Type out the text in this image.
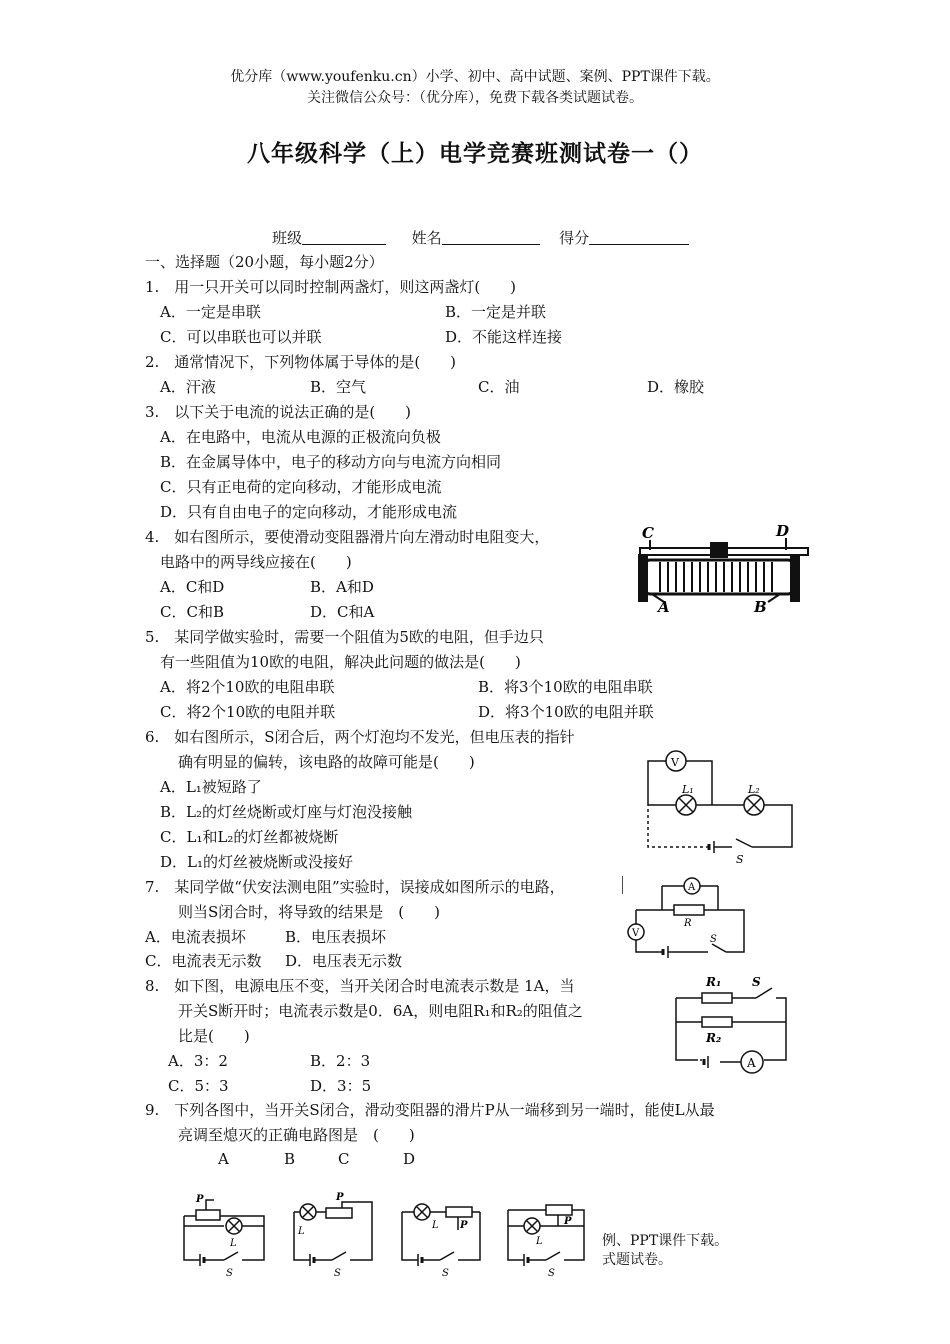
优分库（www.youfenku.cn）小学、初中、高中试题、案例、PPT课件下载。
关注微信公众号：（优分库），免费下载各类试题试卷。
八年级科学（上）电学竞赛班测试卷一（）
班级	姓名	得分
一、选择题（20小题，每小题2分）
1.　用一只开关可以同时控制两盏灯，则这两盏灯(　　)
A．一定是串联	B．一定是并联
C．可以串联也可以并联	D．不能这样连接
2.　通常情况下，下列物体属于导体的是(　　)
A．汗液	B．空气	C．油	D．橡胶
3.　以下关于电流的说法正确的是(　　)
A．在电路中，电流从电源的正极流向负极
B．在金属导体中，电子的移动方向与电流方向相同
C．只有正电荷的定向移动，才能形成电流
D．只有自由电子的定向移动，才能形成电流
4.　如右图所示，要使滑动变阻器滑片向左滑动时电阻变大，
电路中的两导线应接在(　　)
A．C和D	B．A和D
C．C和B	D．C和A
C	D
A	B
5.　某同学做实验时，需要一个阻值为5欧的电阻，但手边只
有一些阻值为10欧的电阻，解决此问题的做法是(　　)
A．将2个10欧的电阻串联	B．将3个10欧的电阻串联
C．将2个10欧的电阻并联	D．将3个10欧的电阻并联
6.　如右图所示，S闭合后，两个灯泡均不发光，但电压表的指针
确有明显的偏转，该电路的故障可能是(　　)
A．L₁被短路了
B．L₂的灯丝烧断或灯座与灯泡没接触
C．L₁和L₂的灯丝都被烧断
D．L₁的灯丝被烧断或没接好
V
L₁	L₂
S
7.　某同学做“伏安法测电阻”实验时，误接成如图所示的电路，
则当S闭合时，将导致的结果是　(　　)
A．电流表损坏	B．电压表损坏
C．电流表无示数 D．电压表无示数
A
V
R
S
8.　如下图，电源电压不变，当开关闭合时电流表示数是 1A，当
开关S断开时；电流表示数是0．6A，则电阻R₁和R₂的阻值之
比是(　　)
A．3：2	B．2：3
C．5：3	D．3：5
R₁	S
R₂
A
9.　下列各图中，当开关S闭合，滑动变阻器的滑片P从一端移到另一端时，能使L从最
亮调至熄灭的正确电路图是　(　　)
A	B	C	D
P
L
S
L
P
S
L P
S
L
P
S
例、PPT课件下载。
式题试卷。
